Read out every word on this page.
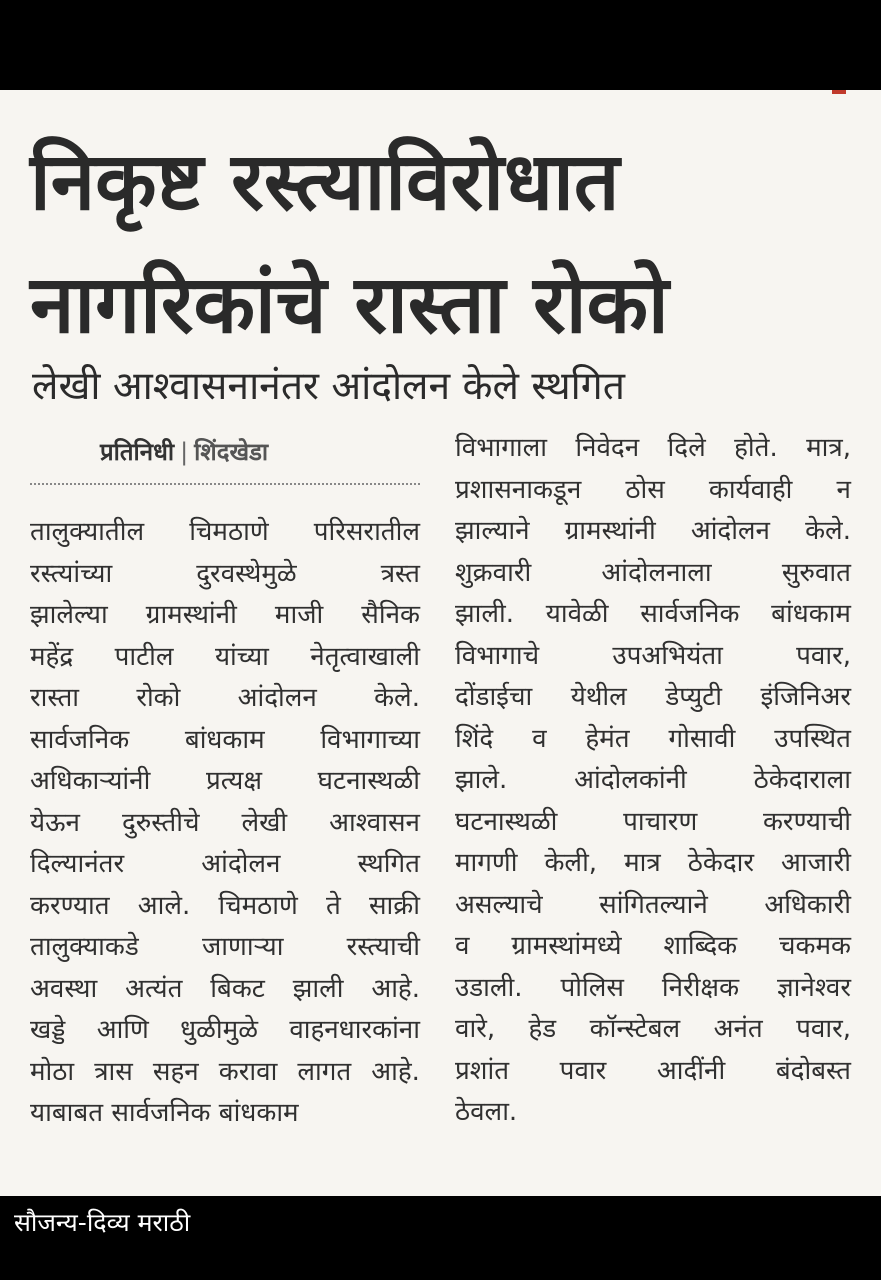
निकृष्ट रस्त्याविरोधात
नागरिकांचे रास्ता रोको
लेखी आश्वासनानंतर आंदोलन केले स्थगित
प्रतिनिधी | शिंदखेडा

तालुक्यातील चिमठाणे परिसरातील

रस्त्यांच्या	दुरवस्थेमुळे	त्रस्त

झालेल्या ग्रामस्थांनी माजी सैनिक

महेंद्र पाटील यांच्या नेतृत्वाखाली

रास्ता रोको आंदोलन केले.

सार्वजनिक बांधकाम विभागाच्या

अधिकाऱ्यांनी प्रत्यक्ष घटनास्थळी

येऊन दुरुस्तीचे लेखी आश्वासन

दिल्यानंतर	आंदोलन	स्थगित

करण्यात आले. चिमठाणे ते साक्री

तालुक्याकडे जाणाऱ्या रस्त्याची

अवस्था अत्यंत बिकट झाली आहे.

खड्डे आणि धुळीमुळे वाहनधारकांना

मोठा त्रास सहन करावा लागत आहे.

याबाबत सार्वजनिक बांधकाम

विभागाला निवेदन दिले होते. मात्र,

प्रशासनाकडून ठोस कार्यवाही न

झाल्याने ग्रामस्थांनी आंदोलन केले.

शुक्रवारी	आंदोलनाला	सुरुवात

झाली. यावेळी सार्वजनिक बांधकाम

विभागाचे	उपअभियंता	पवार,

दोंडाईचा येथील डेप्युटी इंजिनिअर

शिंदे व हेमंत गोसावी उपस्थित

झाले.	आंदोलकांनी	ठेकेदाराला

घटनास्थळी	पाचारण	करण्याची

मागणी केली, मात्र ठेकेदार आजारी

असल्याचे सांगितल्याने अधिकारी

व ग्रामस्थांमध्ये शाब्दिक चकमक

उडाली. पोलिस निरीक्षक ज्ञानेश्वर

वारे, हेड कॉन्स्टेबल अनंत पवार,

प्रशांत पवार आदींनी बंदोबस्त

ठेवला.

सौजन्य-दिव्य मराठी
